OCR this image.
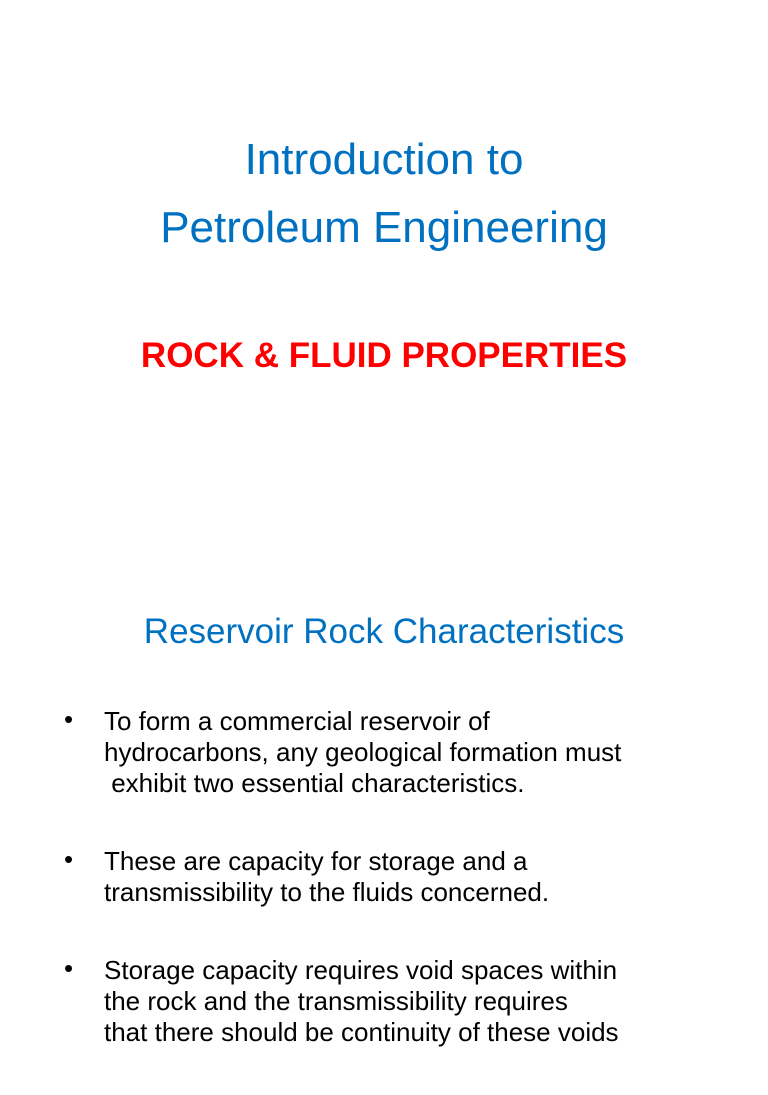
Introduction to
Petroleum Engineering
ROCK & FLUID PROPERTIES
Reservoir Rock Characteristics
• To form a commercial reservoir of
hydrocarbons, any geological formation must
exhibit two essential characteristics.
• These are capacity for storage and a
transmissibility to the fluids concerned.
• Storage capacity requires void spaces within
the rock and the transmissibility requires
that there should be continuity of these voids
